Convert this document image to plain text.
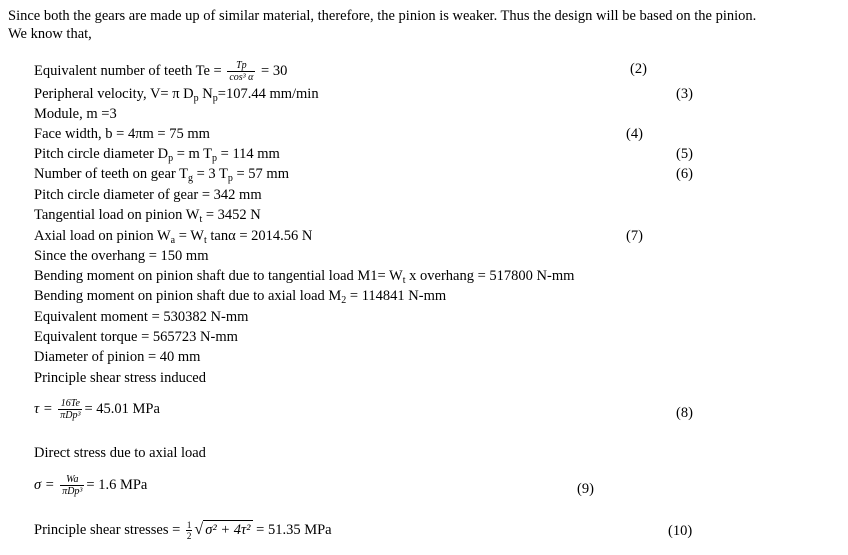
Since both the gears are made up of similar material, therefore, the pinion is weaker. Thus the design will be based on the pinion.
We know that,
Equivalent number of teeth $Te = \frac{Tp}{\text{cos³ α}} = 30$	(2)
Peripheral velocity, V= π $D_p$ $N_p=107.44$ mm/min	(3)
Module, m =3
Face width, b = 4πm = 75 mm	(4)
Pitch circle diameter $D_p = m$ $T_p = 114$ mm	(5)
Number of teeth on gear $T_g = 3$ $T_p = 57$ mm	(6)
Pitch circle diameter of gear = 342 mm
Tangential load on pinion $W_t = 3452$ N
Axial load on pinion $W_a = W_t$ tanα = 2014.56 N	(7)
Since the overhang = 150 mm
Bending moment on pinion shaft due to tangential load $M1= W_t$ x overhang = 517800 N-mm
Bending moment on pinion shaft due to axial load $M_2 = 114841$ N-mm
Equivalent moment = 530382 N-mm
Equivalent torque = 565723 N-mm
Diameter of pinion = 40 mm
Principle shear stress induced
$\tau = \frac{16Te}{\text{πDp³}} = 45.01$ MPa	(8)
Direct stress due to axial load
$\sigma = \frac{Wa}{\text{πDp³}} = 1.6$ MPa	(9)
Principle shear stresses = $\frac{1}{2}$ √ σ² + 4τ² = 51.35 MPa	(10)
